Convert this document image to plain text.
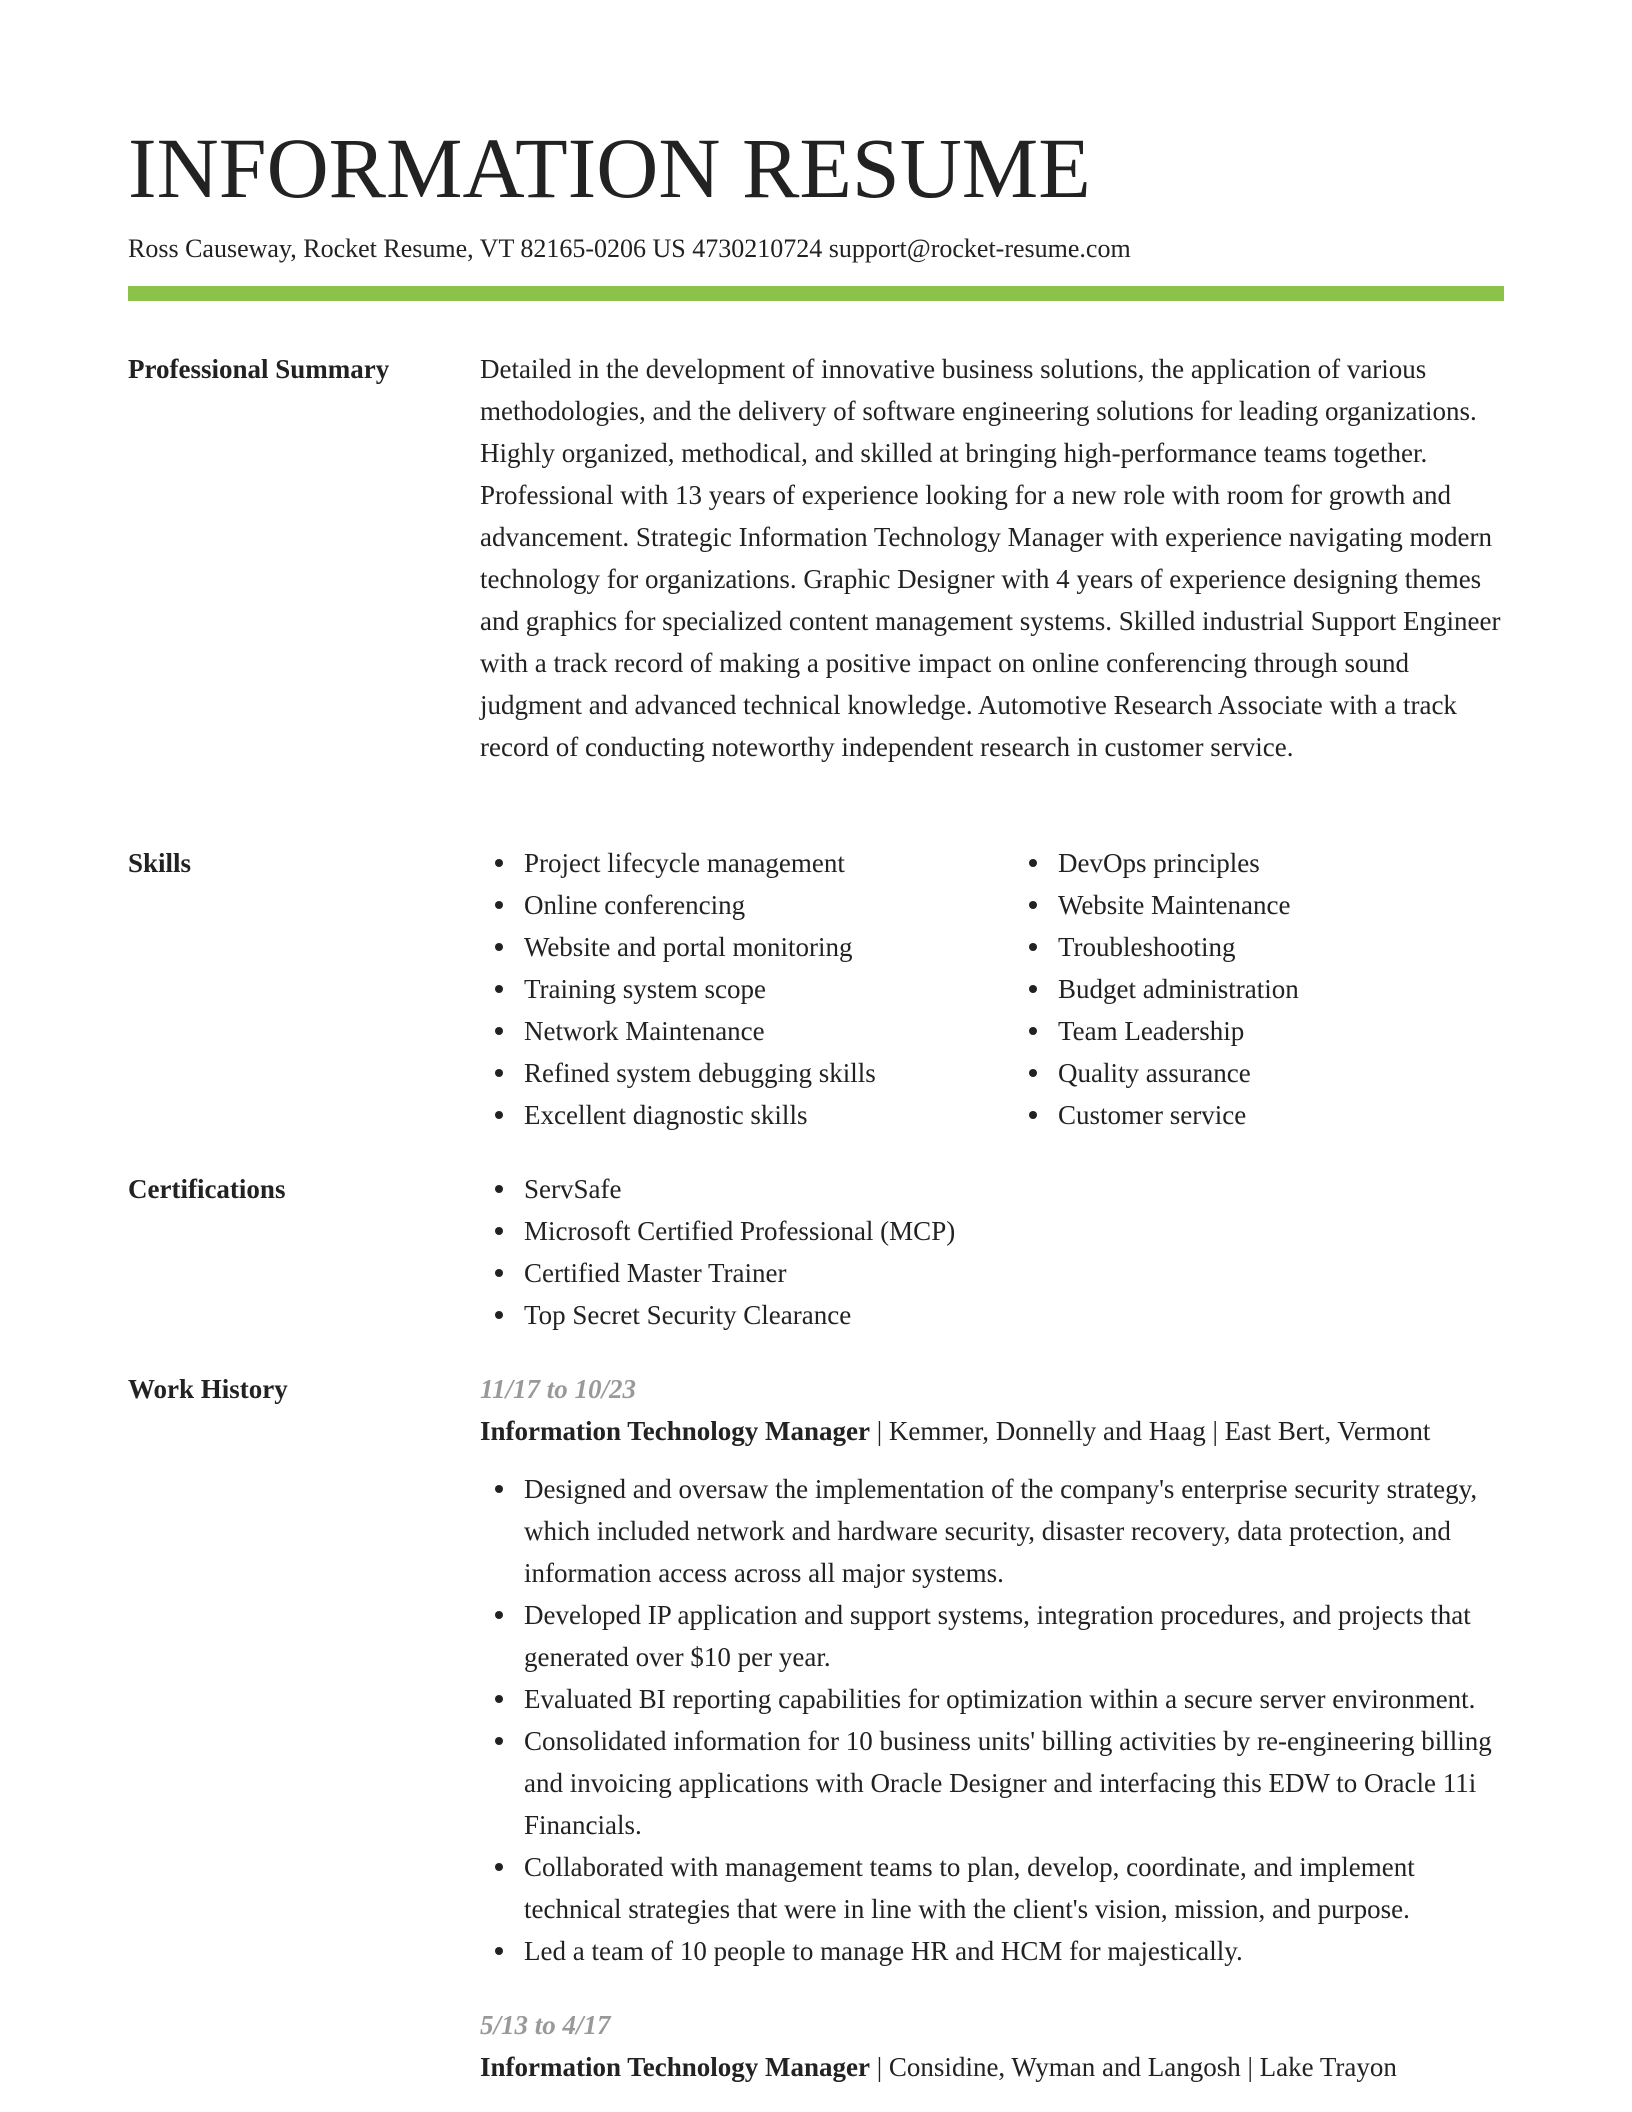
INFORMATION RESUME
Ross Causeway, Rocket Resume, VT 82165-0206 US 4730210724 support@rocket-resume.com
Professional Summary	Detailed in the development of innovative business solutions, the application of various methodologies, and the delivery of software engineering solutions for leading organizations. Highly organized, methodical, and skilled at bringing high-performance teams together. Professional with 13 years of experience looking for a new role with room for growth and advancement. Strategic Information Technology Manager with experience navigating modern technology for organizations. Graphic Designer with 4 years of experience designing themes and graphics for specialized content management systems. Skilled industrial Support Engineer with a track record of making a positive impact on online conferencing through sound judgment and advanced technical knowledge. Automotive Research Associate with a track record of conducting noteworthy independent research in customer service.

Skills	Project lifecycle management
Online conferencing
Website and portal monitoring
Training system scope
Network Maintenance
Refined system debugging skills
Excellent diagnostic skills
DevOps principles
Website Maintenance
Troubleshooting
Budget administration
Team Leadership
Quality assurance
Customer service
Certifications	ServSafe
Microsoft Certified Professional (MCP)
Certified Master Trainer
Top Secret Security Clearance
Work History	11/17 to 10/23
Information Technology Manager | Kemmer, Donnelly and Haag | East Bert, Vermont
Designed and oversaw the implementation of the company's enterprise security strategy, which included network and hardware security, disaster recovery, data protection, and information access across all major systems.
Developed IP application and support systems, integration procedures, and projects that generated over $10 per year.
Evaluated BI reporting capabilities for optimization within a secure server environment.
Consolidated information for 10 business units' billing activities by re-engineering billing and invoicing applications with Oracle Designer and interfacing this EDW to Oracle 11i Financials.
Collaborated with management teams to plan, develop, coordinate, and implement technical strategies that were in line with the client's vision, mission, and purpose.
Led a team of 10 people to manage HR and HCM for majestically.
5/13 to 4/17
Information Technology Manager | Considine, Wyman and Langosh | Lake Trayon
